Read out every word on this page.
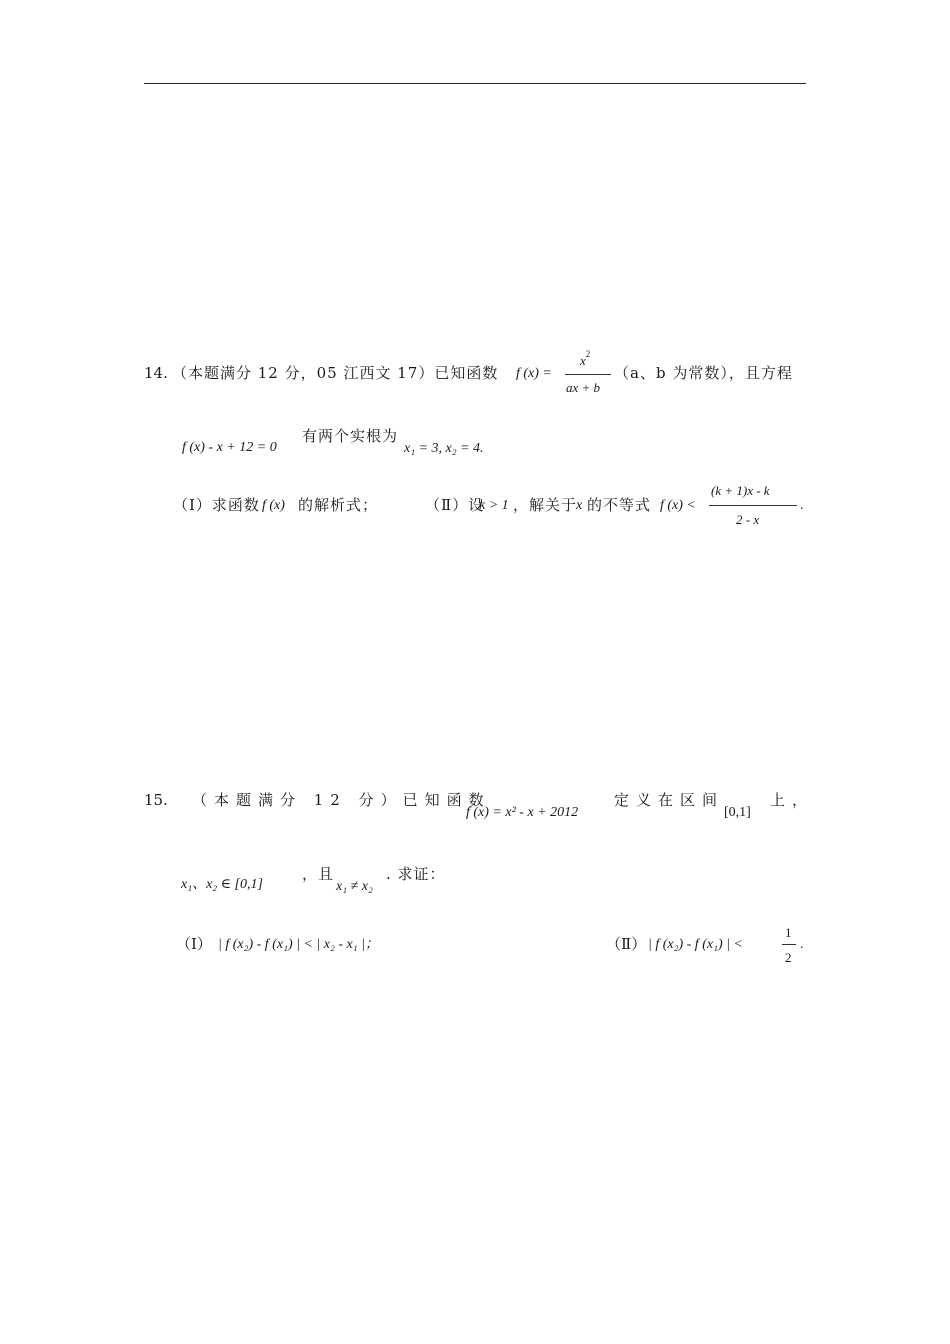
14. （本题满分 12 分，05 江西文 17）已知函数 f (x) =
$x^2$
ax + b
（a、b 为常数），且方程
f (x) - x + 12 = 0
有两个实根为
x₁ = 3, x₂ = 4.
（Ⅰ）求函数 f (x) 的解析式；	（Ⅱ）设
k > 1 ，解关于
x 的不等式 f (x) <
(k + 1)x - k
2 - x
.
15. （本题满分 12 分）已知函数
f (x) = x² - x + 2012
定义在区间
[0,1]
上，
x₁、x₂ ∈ [0,1]
，且
x₁ ≠ x₂
. 求证：
（Ⅰ） | f (x₂) - f (x₁) | < | x₂ - x₁ |；	（Ⅱ） | f (x₂) - f (x₁) | <
1
2
.
